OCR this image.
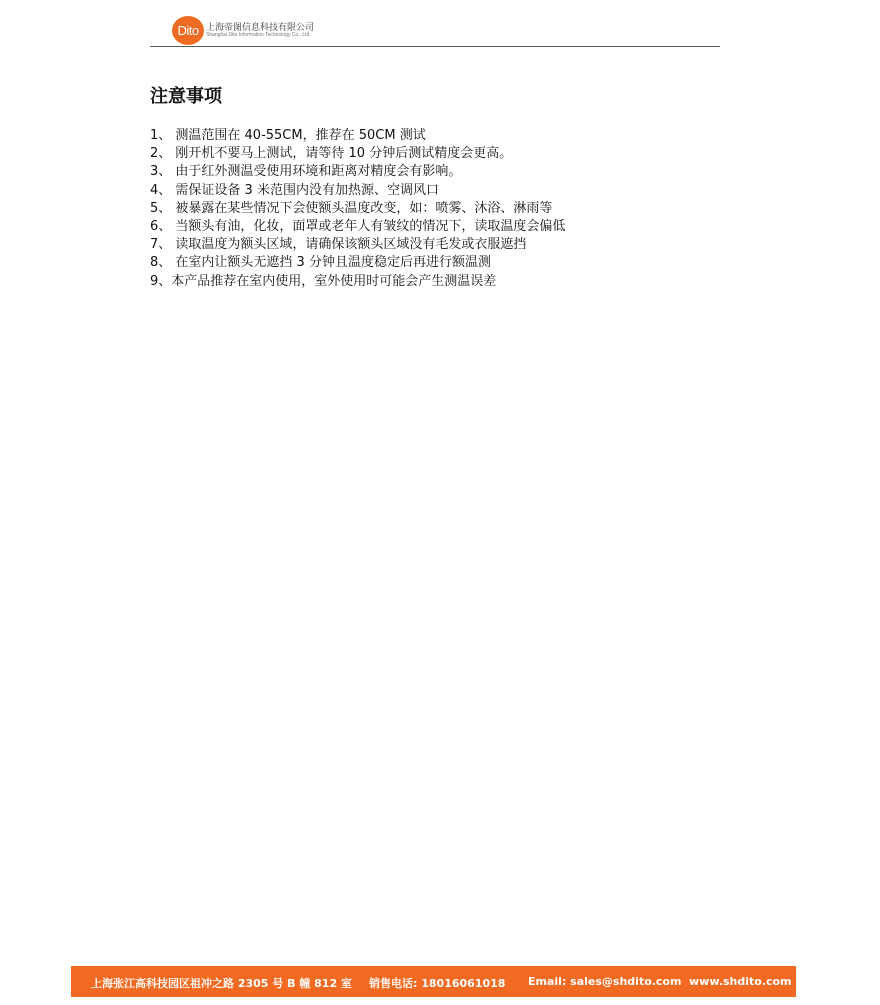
Dito 上海帝图信息科技有限公司
Shanghai Dito Information Technology Co., Ltd
注意事项
1、 测温范围在 40-55CM，推荐在 50CM 测试
2、 刚开机不要马上测试，请等待 10 分钟后测试精度会更高。
3、 由于红外测温受使用环境和距离对精度会有影响。
4、 需保证设备 3 米范围内没有加热源、空调风口
5、 被暴露在某些情况下会使额头温度改变，如：喷雾、沐浴、淋雨等
6、 当额头有油，化妆，面罩或老年人有皱纹的情况下，读取温度会偏低
7、 读取温度为额头区域，请确保该额头区域没有毛发或衣服遮挡
8、 在室内让额头无遮挡 3 分钟且温度稳定后再进行额温测
9、本产品推荐在室内使用，室外使用时可能会产生测温误差
上海张江高科技园区祖冲之路 2305 号 B 幢 812 室 销售电话: 18016061018 Email: sales@shdito.com www.shdito.com
